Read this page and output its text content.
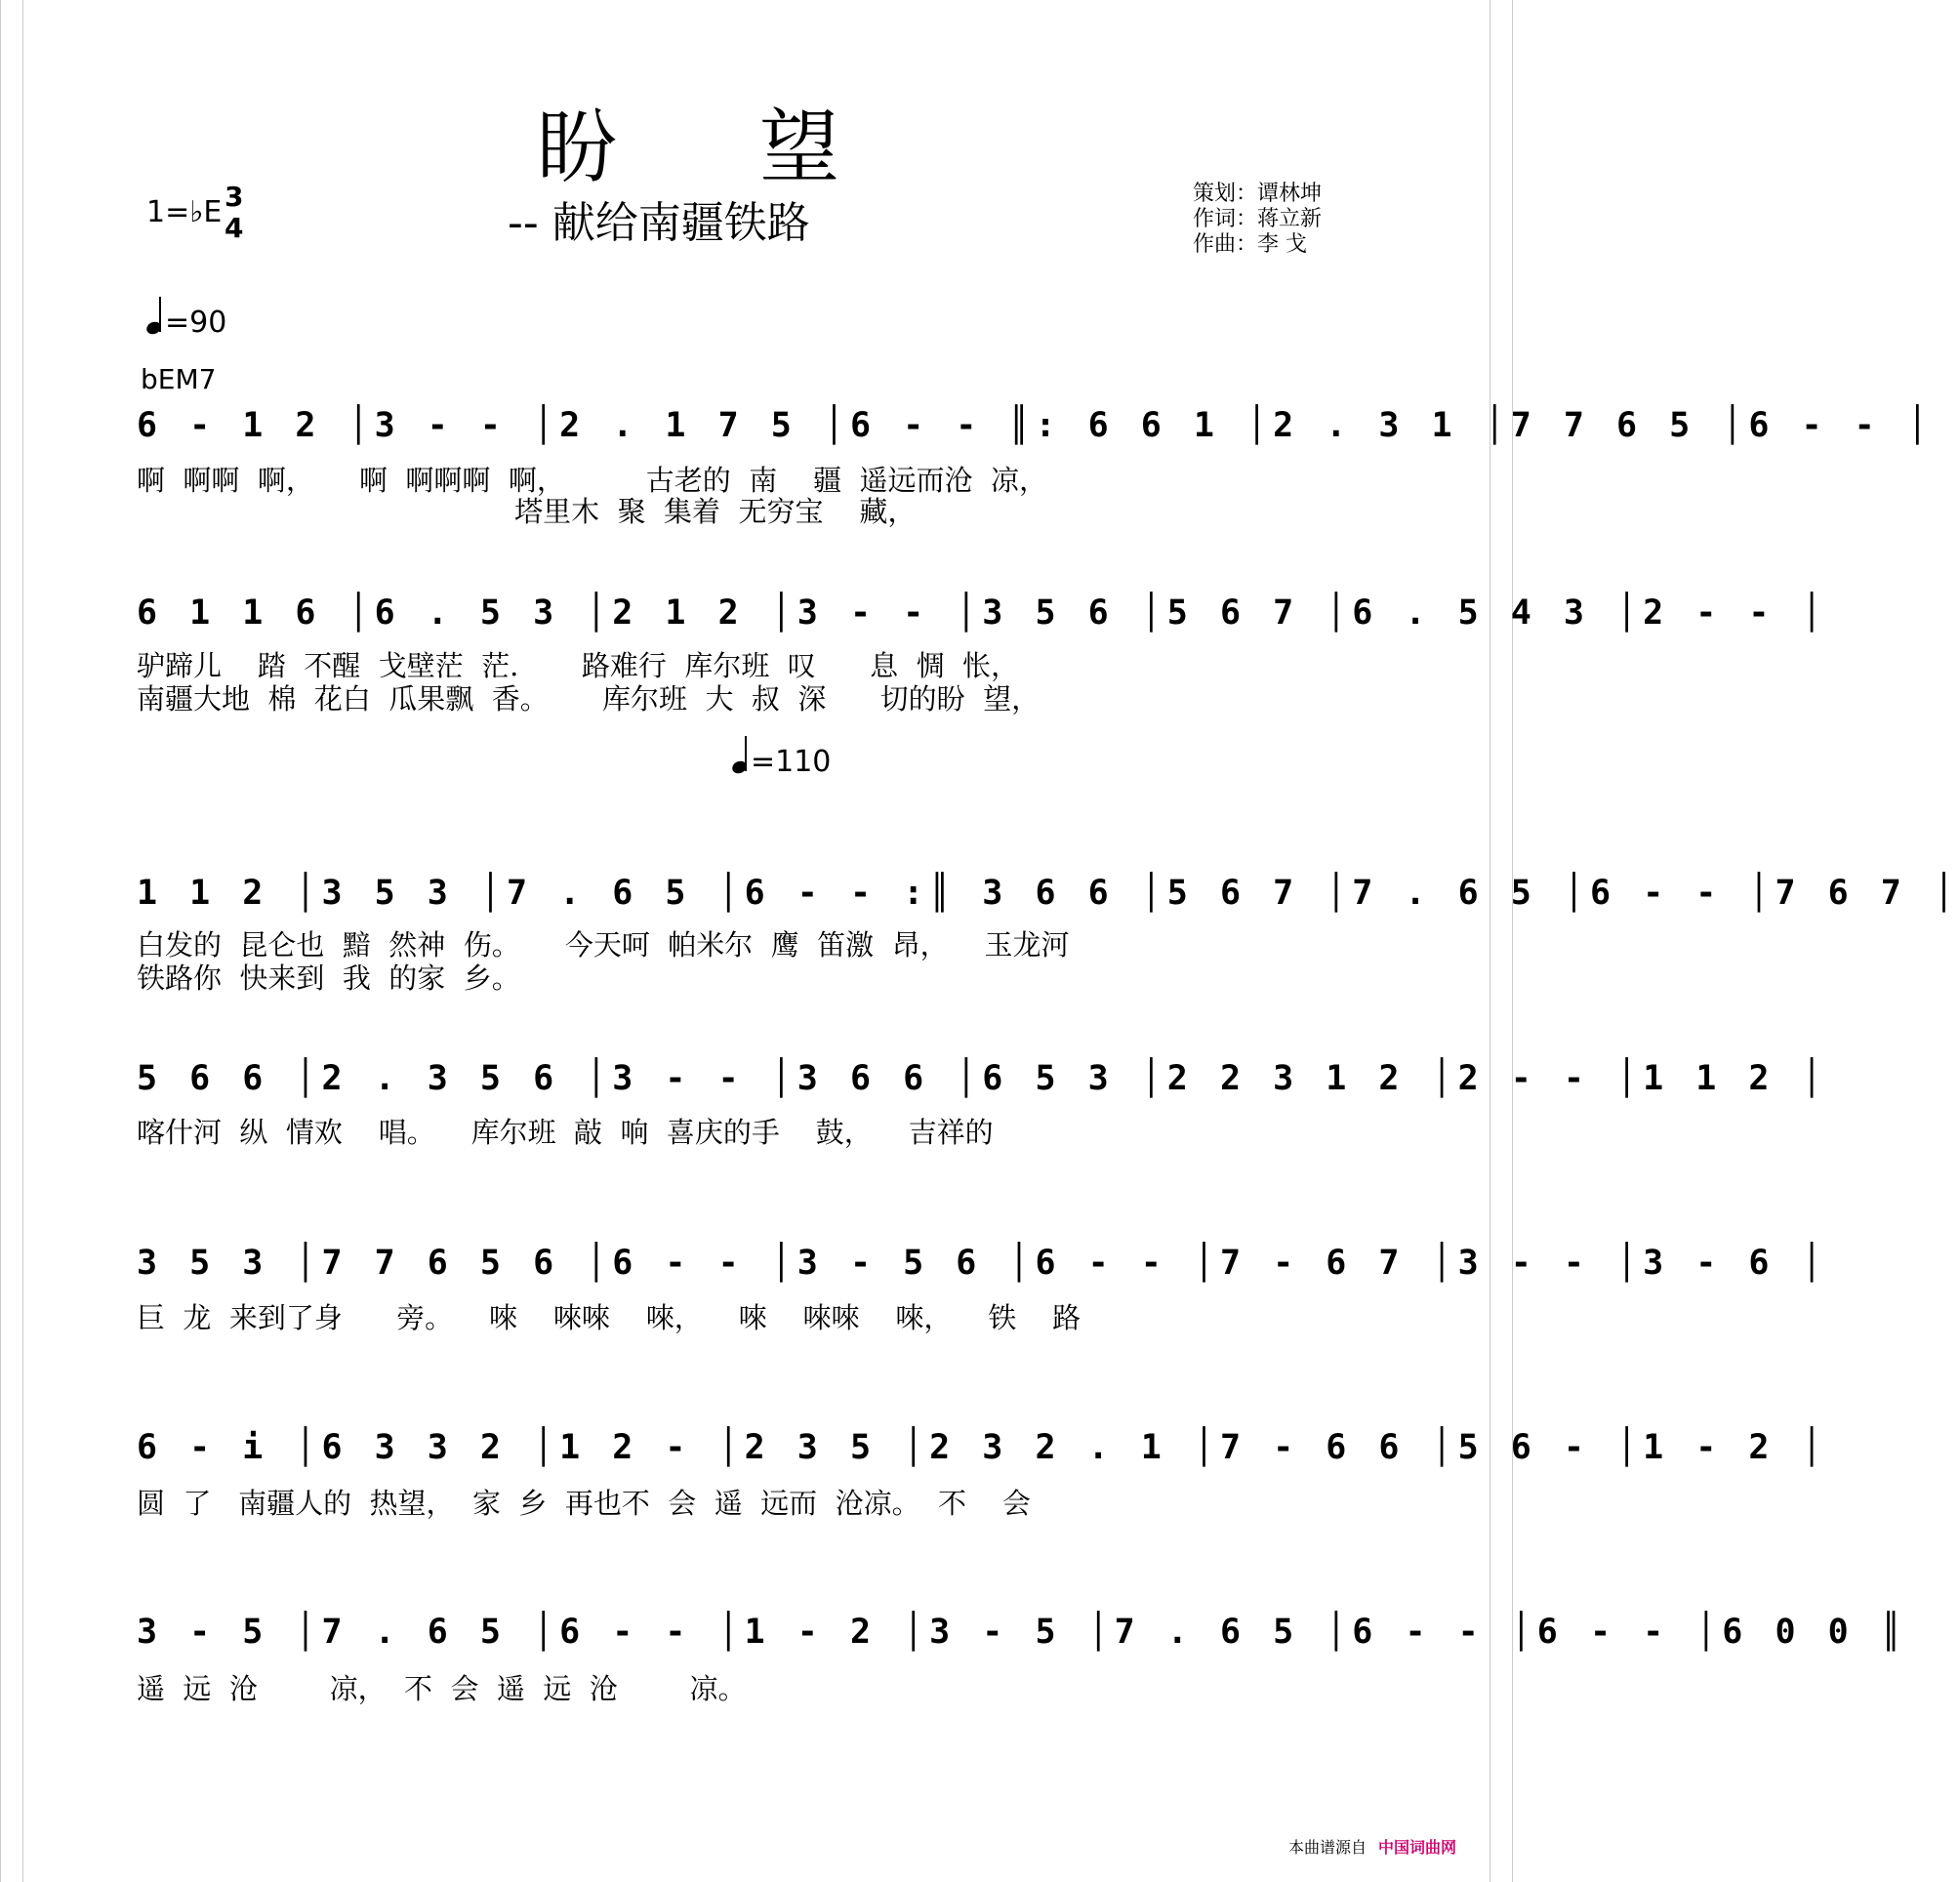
盼 望
1=♭E 3
4	-- 献给南疆铁路
策划：谭林坤
作词：蒋立新
作曲：李 戈
=90
bEM7
6 - 1 2 │3 - - │2 . 1 7 5 │6 - - ║: 6 6 1 │2 . 3 1 │7 7 6 5 │6 - - │
啊  啊啊  啊，     啊  啊啊啊  啊，         古老的  南    疆  遥远而沧  凉，
塔里木  聚  集着  无穷宝    藏，
6 1 1 6 │6 . 5 3 │2 1 2 │3 - - │3 5 6 │5 6 7 │6 . 5 4 3 │2 - - │
驴蹄儿    踏  不醒  戈壁茫  茫.       路难行  库尔班  叹      息  惆  怅，
南疆大地  棉  花白  瓜果飘  香。      库尔班  大  叔  深      切的盼  望，
=110
1 1 2 │3 5 3 │7 . 6 5 │6 - - :║ 3 6 6 │5 6 7 │7 . 6 5 │6 - - │7 6 7 │
白发的  昆仑也  黯  然神  伤。     今天呵  帕米尔  鹰  笛激  昂，    玉龙河
铁路你  快来到  我  的家  乡。
5 6 6 │2 . 3 5 6 │3 - - │3 6 6 │6 5 3 │2 2 3 1 2 │2 - - │1 1 2 │
喀什河  纵  情欢    唱。    库尔班  敲  响  喜庆的手    鼓，    吉祥的
3 5 3 │7 7 6 5 6 │6 - - │3 - 5 6 │6 - - │7 - 6 7 │3 - - │3 - 6 │
巨  龙  来到了身      旁。    唻    唻唻    唻，    唻    唻唻    唻，    铁    路
6 - i │6 3 3 2 │1 2 - │2 3 5 │2 3 2 . 1 │7 - 6 6 │5 6 - │1 - 2 │
圆  了   南疆人的  热望，  家  乡  再也不  会  遥  远而  沧凉。  不    会
3 - 5 │7 . 6 5 │6 - - │1 - 2 │3 - 5 │7 . 6 5 │6 - - │6 - - │6 0 0 ║
遥  远  沧        凉，  不  会  遥  远  沧        凉。
本曲谱源自 中国词曲网
